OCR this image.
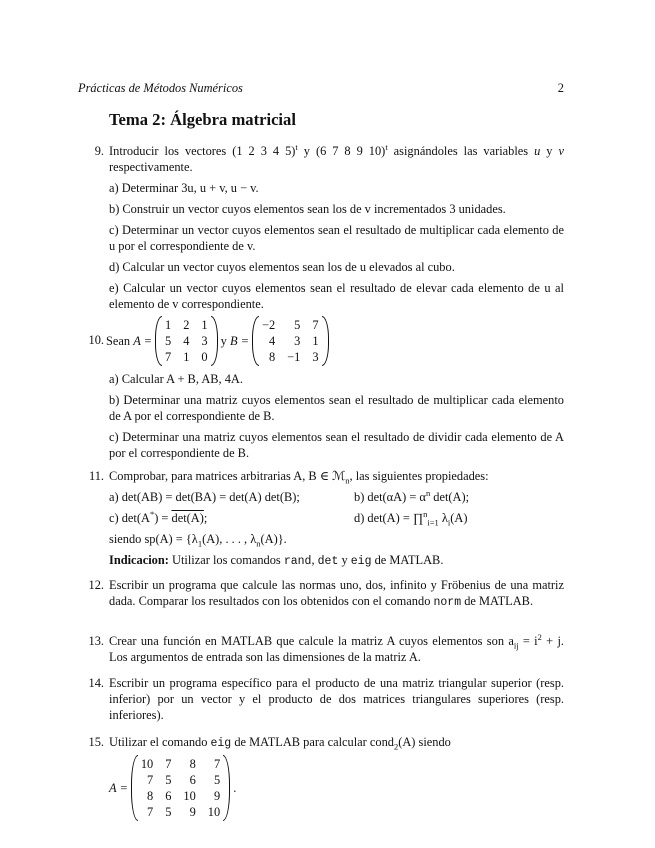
Prácticas de Métodos Numéricos	2
Tema 2: Álgebra matricial
9. Introducir los vectores (1 2 3 4 5)$^t$ y (6 7 8 9 10)$^t$ asignándoles las variables u y v respectivamente.

a) Determinar 3u, u + v, u − v.

b) Construir un vector cuyos elementos sean los de v incrementados 3 unidades.

c) Determinar un vector cuyos elementos sean el resultado de multiplicar cada elemento de u por el correspondiente de v.

d) Calcular un vector cuyos elementos sean los de u elevados al cubo.

e) Calcular un vector cuyos elementos sean el resultado de elevar cada elemento de u al elemento de v correspondiente.

10. Sean
A =
1 2 1
5 4 3
7 1 0
y
B =
−2	5 7
4	3 1
8 −1 3

a) Calcular A + B, AB, 4A.

b) Determinar una matriz cuyos elementos sean el resultado de multiplicar cada elemento de A por el correspondiente de B.

c) Determinar una matriz cuyos elementos sean el resultado de dividir cada elemento de A por el correspondiente de B.

11. Comprobar, para matrices arbitrarias A, B ∈ ℳ$_n$, las siguientes propiedades:

a) det(AB) = det(BA) = det(A) det(B);	b) $\det(\alpha A) = \alpha^n$ det(A);
c) det(A*) = det(A);	d) det(A) = ∏$^n_{i=1}$ $\lambda_i(A)$

siendo $sp(A) = \{\lambda_1(A)$, . . . , $\lambda_n(A)$}.

Indicacion: Utilizar los comandos rand, det y eig de MATLAB.

12. Escribir un programa que calcule las normas uno, dos, infinito y Fröbenius de una matriz dada. Comparar los resultados con los obtenidos con el comando norm de MATLAB.

13. Crear una función en MATLAB que calcule la matriz A cuyos elementos son $a_{ij} = i^2 + j$. Los argumentos de entrada son las dimensiones de la matriz A.

14. Escribir un programa específico para el producto de una matriz triangular superior (resp. inferior) por un vector y el producto de dos matrices triangulares superiores (resp. inferiores).

15. Utilizar el comando eig de MATLAB para calcular cond$_2$(A) siendo

A =
10 7	8	7
7 5	6	5
8 6 10	9
7 5	9 10
.
